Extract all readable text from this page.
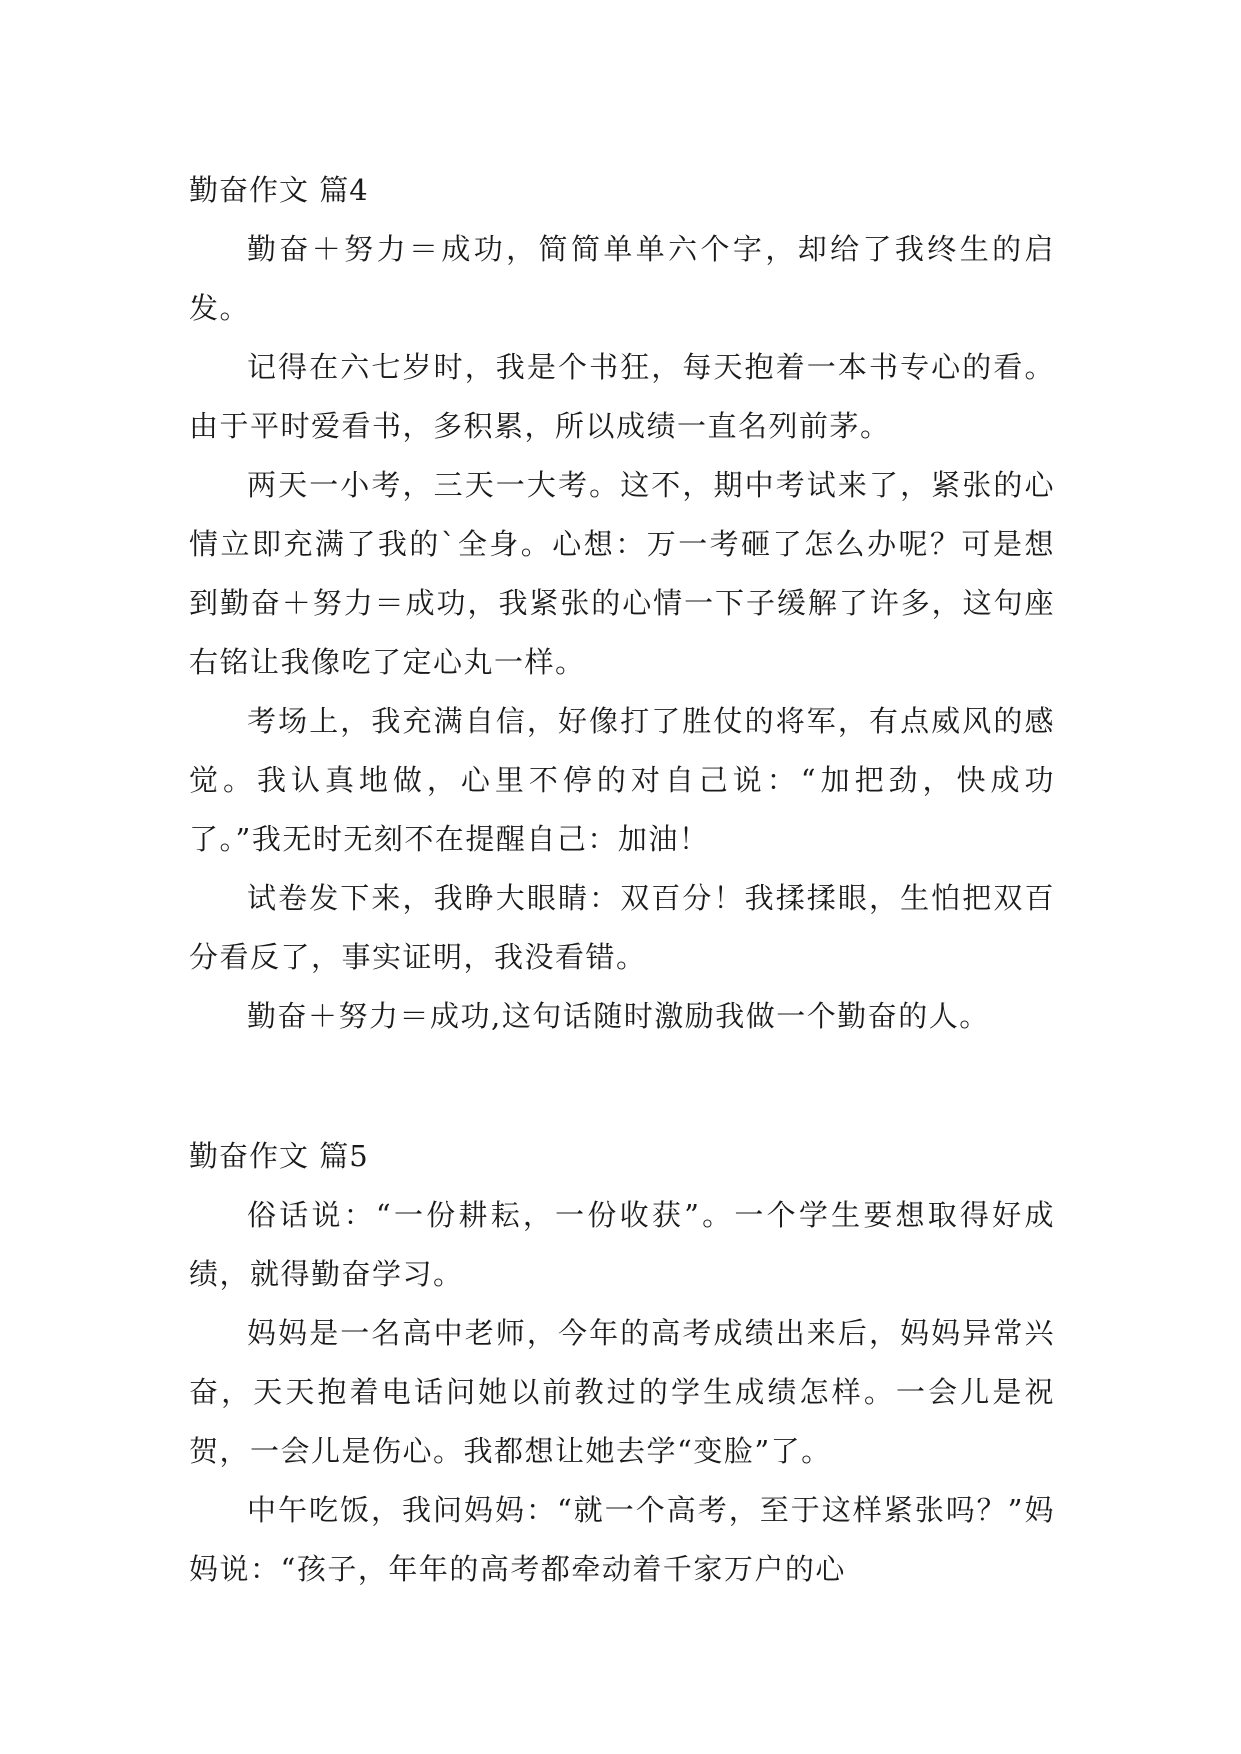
勤奋作文 篇4

勤奋＋努力＝成功，简简单单六个字，却给了我终生的启发。

记得在六七岁时，我是个书狂，每天抱着一本书专心的看。由于平时爱看书，多积累，所以成绩一直名列前茅。

两天一小考，三天一大考。这不，期中考试来了，紧张的心情立即充满了我的`全身。心想：万一考砸了怎么办呢？可是想到勤奋＋努力＝成功，我紧张的心情一下子缓解了许多，这句座右铭让我像吃了定心丸一样。

考场上，我充满自信，好像打了胜仗的将军，有点威风的感觉。我认真地做，心里不停的对自己说：“加把劲，快成功了。”我无时无刻不在提醒自己：加油！

试卷发下来，我睁大眼睛：双百分！我揉揉眼，生怕把双百分看反了，事实证明，我没看错。

勤奋＋努力＝成功,这句话随时激励我做一个勤奋的人。

勤奋作文 篇5

俗话说：“一份耕耘，一份收获”。一个学生要想取得好成绩，就得勤奋学习。

妈妈是一名高中老师，今年的高考成绩出来后，妈妈异常兴奋，天天抱着电话问她以前教过的学生成绩怎样。一会儿是祝贺，一会儿是伤心。我都想让她去学“变脸”了。

中午吃饭，我问妈妈：“就一个高考，至于这样紧张吗？”妈妈说：“孩子，年年的高考都牵动着千家万户的心
